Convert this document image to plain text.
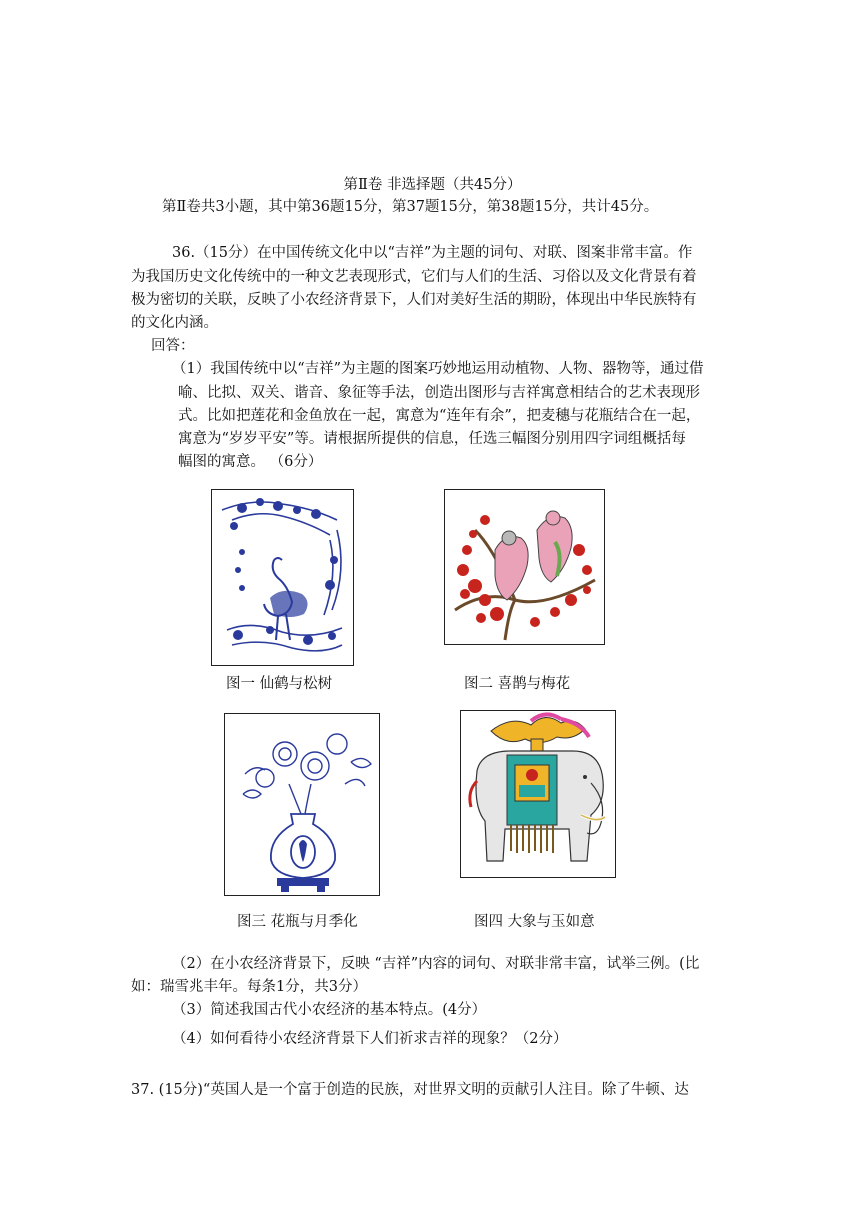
第Ⅱ卷 非选择题（共45分）
第Ⅱ卷共3小题，其中第36题15分，第37题15分，第38题15分，共计45分。
36.（15分）在中国传统文化中以“吉祥”为主题的词句、对联、图案非常丰富。作
为我国历史文化传统中的一种文艺表现形式，它们与人们的生活、习俗以及文化背景有着
极为密切的关联，反映了小农经济背景下，人们对美好生活的期盼，体现出中华民族特有
的文化内涵。
回答：
（1）我国传统中以“吉祥”为主题的图案巧妙地运用动植物、人物、器物等，通过借
喻、比拟、双关、谐音、象征等手法，创造出图形与吉祥寓意相结合的艺术表现形
式。比如把莲花和金鱼放在一起，寓意为“连年有余”，把麦穗与花瓶结合在一起，
寓意为“岁岁平安”等。请根据所提供的信息，任选三幅图分别用四字词组概括每
幅图的寓意。 （6分）
图一 仙鹤与松树	图二 喜鹊与梅花
图三 花瓶与月季化	图四 大象与玉如意
（2）在小农经济背景下，反映 “吉祥”内容的词句、对联非常丰富，试举三例。(比
如：瑞雪兆丰年。每条1分，共3分）
（3）简述我国古代小农经济的基本特点。(4分）
（4）如何看待小农经济背景下人们祈求吉祥的现象？（2分）
37. (15分)“英国人是一个富于创造的民族，对世界文明的贡献引人注目。除了牛顿、达
